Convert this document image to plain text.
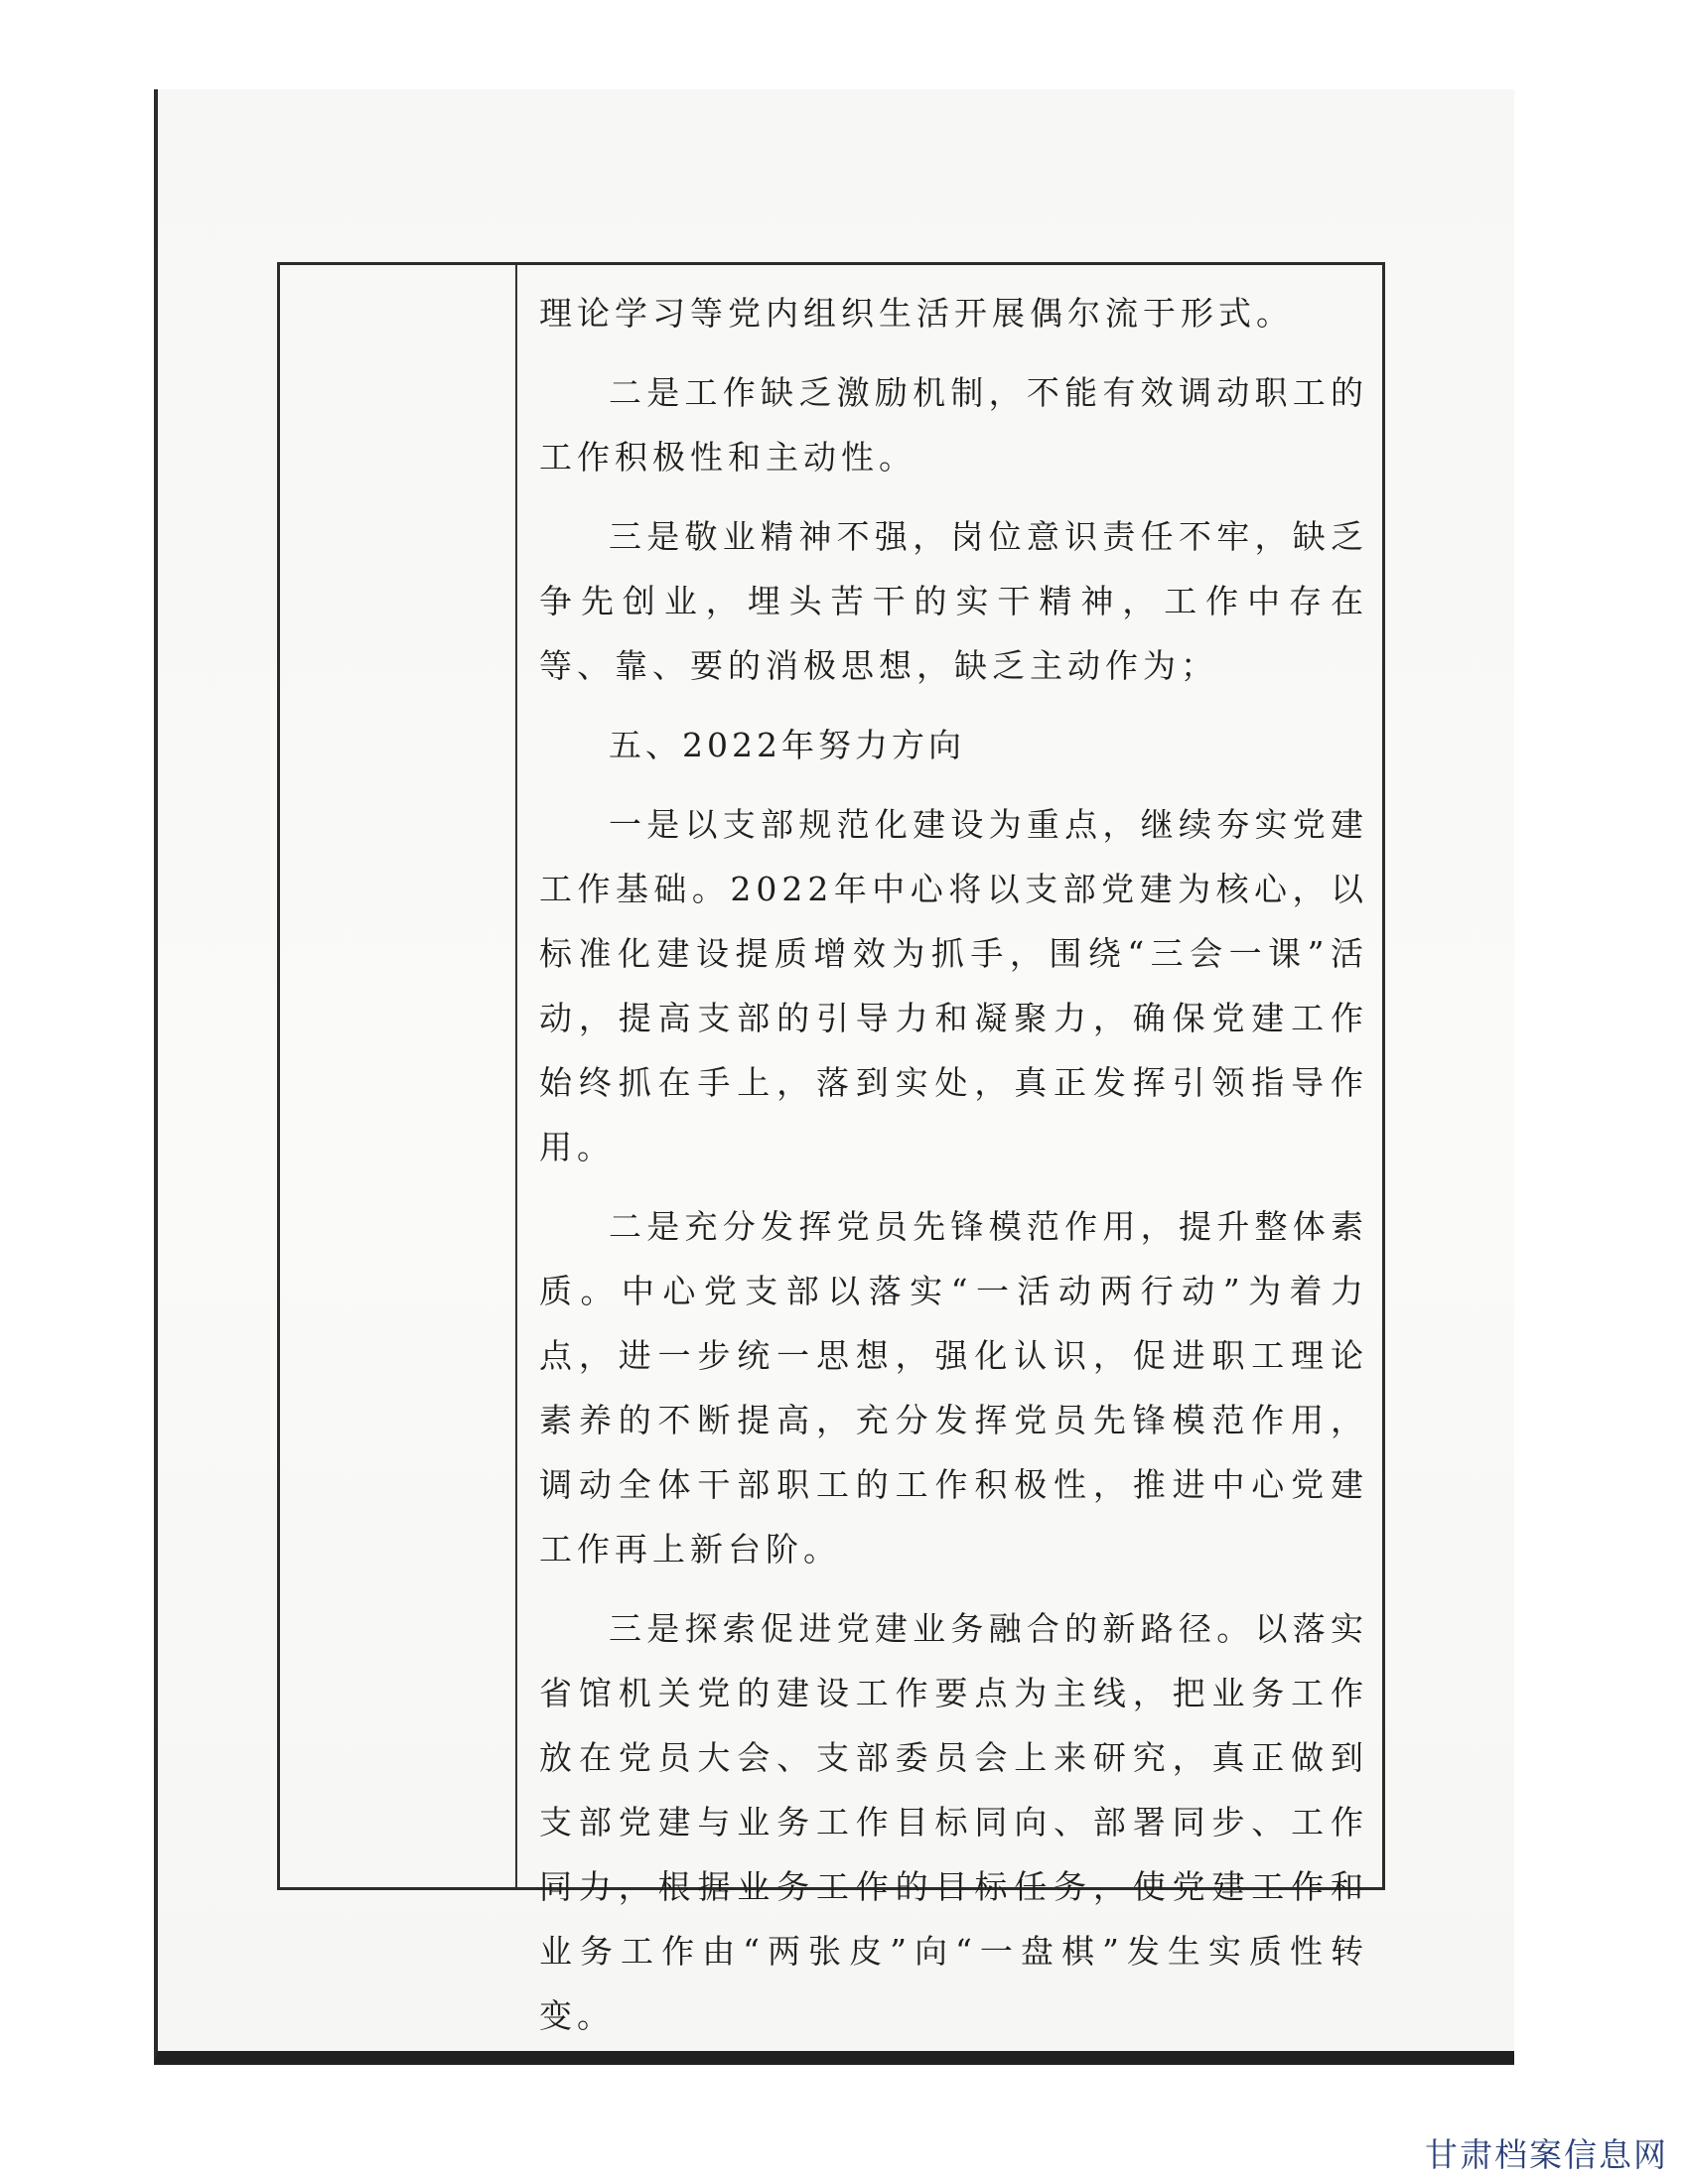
理论学习等党内组织生活开展偶尔流于形式。

二是工作缺乏激励机制，不能有效调动职工的工作积极性和主动性。

三是敬业精神不强，岗位意识责任不牢，缺乏争先创业，埋头苦干的实干精神，工作中存在等、靠、要的消极思想，缺乏主动作为；

五、2022年努力方向

一是以支部规范化建设为重点，继续夯实党建工作基础。2022年中心将以支部党建为核心，以标准化建设提质增效为抓手，围绕“三会一课”活动，提高支部的引导力和凝聚力，确保党建工作始终抓在手上，落到实处，真正发挥引领指导作用。

二是充分发挥党员先锋模范作用，提升整体素质。中心党支部以落实“一活动两行动”为着力点，进一步统一思想，强化认识，促进职工理论素养的不断提高，充分发挥党员先锋模范作用，调动全体干部职工的工作积极性，推进中心党建工作再上新台阶。

三是探索促进党建业务融合的新路径。以落实省馆机关党的建设工作要点为主线，把业务工作放在党员大会、支部委员会上来研究，真正做到支部党建与业务工作目标同向、部署同步、工作同力，根据业务工作的目标任务，使党建工作和业务工作由“两张皮”向“一盘棋”发生实质性转变。

甘肃档案信息网
